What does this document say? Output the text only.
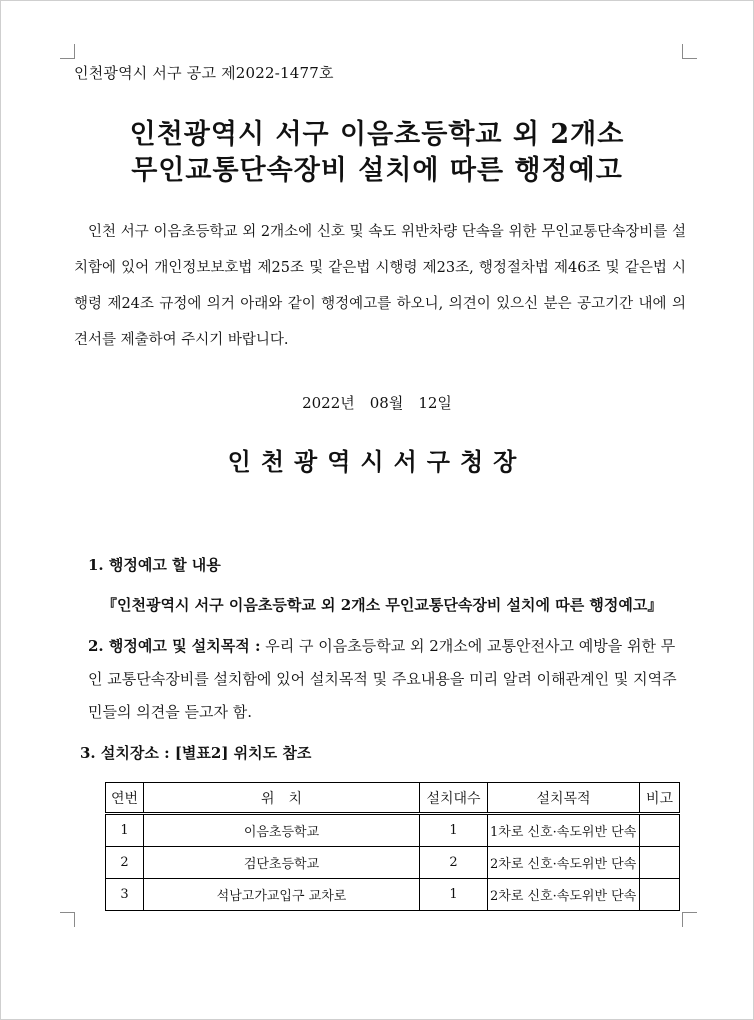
인천광역시 서구 공고 제2022-1477호
인천광역시 서구 이음초등학교 외 2개소
무인교통단속장비 설치에 따른 행정예고
인천 서구 이음초등학교 외 2개소에 신호 및 속도 위반차량 단속을 위한 무인교통단속장비를 설치함에 있어 개인정보보호법 제25조 및 같은법 시행령 제23조, 행정절차법 제46조 및 같은법 시행령 제24조 규정에 의거 아래와 같이 행정예고를 하오니, 의견이 있으신 분은 공고기간 내에 의견서를 제출하여 주시기 바랍니다.
2022년　08월　12일
인천광역시서구청장
1. 행정예고 할 내용
『인천광역시 서구 이음초등학교 외 2개소 무인교통단속장비 설치에 따른 행정예고』
2. 행정예고 및 설치목적 : 우리 구 이음초등학교 외 2개소에 교통안전사고 예방을 위한 무인 교통단속장비를 설치함에 있어 설치목적 및 주요내용을 미리 알려 이해관계인 및 지역주민들의 의견을 듣고자 함.
3. 설치장소 : [별표2] 위치도 참조
연번	위　치	설치대수	설치목적	비고
1	이음초등학교	1	1차로 신호·속도위반 단속	
2	검단초등학교	2	2차로 신호·속도위반 단속	
3	석남고가교입구 교차로	1	2차로 신호·속도위반 단속	
